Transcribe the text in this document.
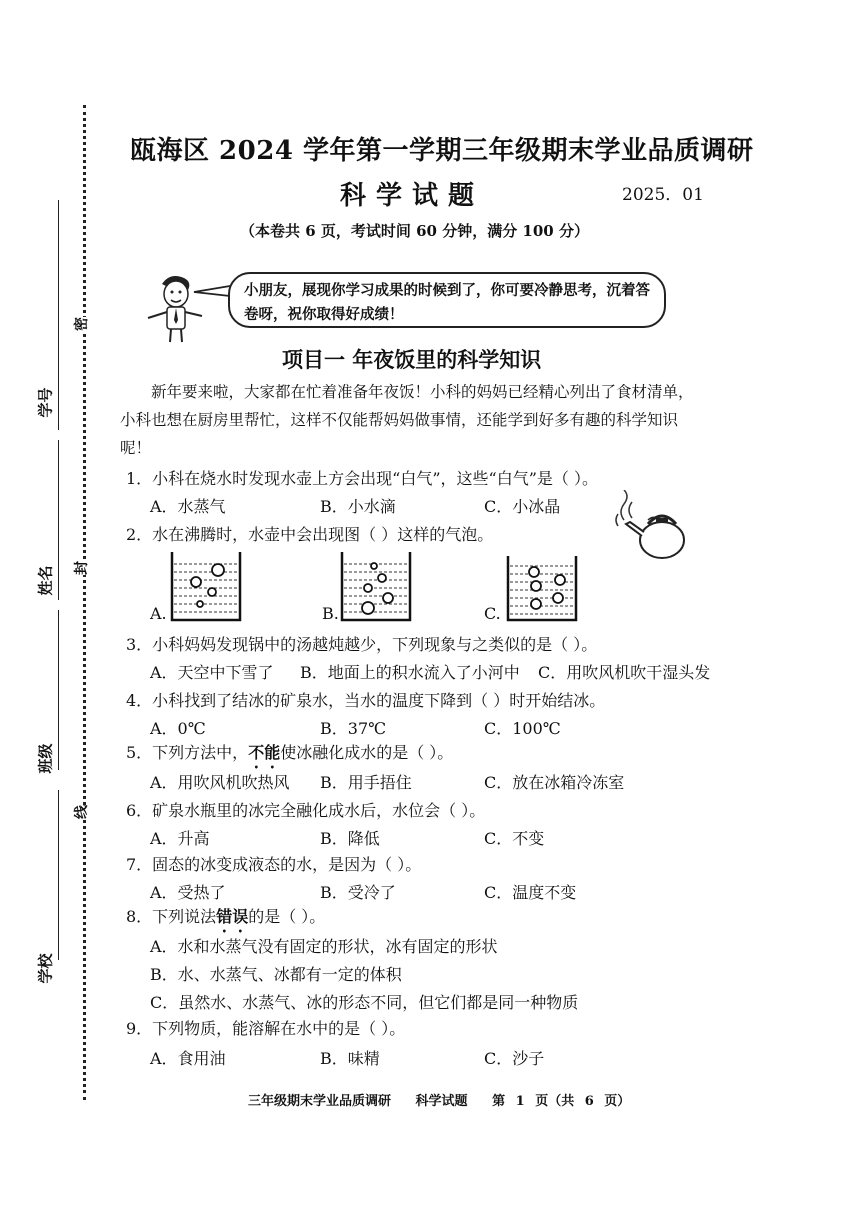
学号
姓名
班级
学校
密
封
线
瓯海区 2024 学年第一学期三年级期末学业品质调研
科学试题	2025．01
（本卷共 6 页，考试时间 60 分钟，满分 100 分）
小朋友，展现你学习成果的时候到了，你可要冷静思考，沉着答卷呀，祝你取得好成绩！
项目一 年夜饭里的科学知识
新年要来啦，大家都在忙着准备年夜饭！小科的妈妈已经精心列出了食材清单，小科也想在厨房里帮忙，这样不仅能帮妈妈做事情，还能学到好多有趣的科学知识呢！
1．小科在烧水时发现水壶上方会出现“白气”，这些“白气”是（ ）。
A．水蒸气	B．小水滴	C．小冰晶
2．水在沸腾时，水壶中会出现图（ ）这样的气泡。
A.	B.	C.
3．小科妈妈发现锅中的汤越炖越少，下列现象与之类似的是（ ）。
A．天空中下雪了 B．地面上的积水流入了小河中 C．用吹风机吹干湿头发
4．小科找到了结冰的矿泉水，当水的温度下降到（ ）时开始结冰。
A．0℃	B．37℃	C．100℃
5．下列方法中，不能使冰融化成水的是（ ）。
A．用吹风机吹热风 B．用手捂住	C．放在冰箱冷冻室
6．矿泉水瓶里的冰完全融化成水后，水位会（ ）。
A．升高	B．降低	C．不变
7．固态的冰变成液态的水，是因为（ ）。
A．受热了	B．受冷了	C．温度不变
8．下列说法错误的是（ ）。
A．水和水蒸气没有固定的形状，冰有固定的形状
B．水、水蒸气、冰都有一定的体积
C．虽然水、水蒸气、冰的形态不同，但它们都是同一种物质
9．下列物质，能溶解在水中的是（ ）。
A．食用油	B．味精	C．沙子
三年级期末学业品质调研 科学试题 第 1 页（共 6 页）
